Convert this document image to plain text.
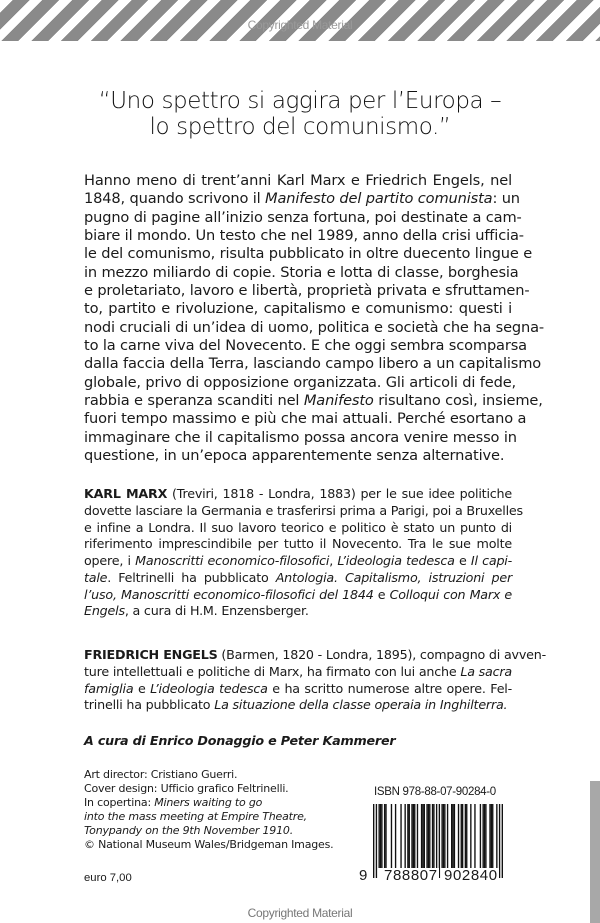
Copyrighted Material
“Uno spettro si aggira per l’Europa –
lo spettro del comunismo.”
Hanno meno di trent’anni Karl Marx e Friedrich Engels, nel
1848, quando scrivono il Manifesto del partito comunista: un
pugno di pagine all’inizio senza fortuna, poi destinate a cam-
biare il mondo. Un testo che nel 1989, anno della crisi ufficia-
le del comunismo, risulta pubblicato in oltre duecento lingue e
in mezzo miliardo di copie. Storia e lotta di classe, borghesia
e proletariato, lavoro e libertà, proprietà privata e sfruttamen-
to, partito e rivoluzione, capitalismo e comunismo: questi i
nodi cruciali di un’idea di uomo, politica e società che ha segna-
to la carne viva del Novecento. E che oggi sembra scomparsa
dalla faccia della Terra, lasciando campo libero a un capitalismo
globale, privo di opposizione organizzata. Gli articoli di fede,
rabbia e speranza scanditi nel Manifesto risultano così, insieme,
fuori tempo massimo e più che mai attuali. Perché esortano a
immaginare che il capitalismo possa ancora venire messo in
questione, in un’epoca apparentemente senza alternative.
KARL MARX (Treviri, 1818 - Londra, 1883) per le sue idee politiche
dovette lasciare la Germania e trasferirsi prima a Parigi, poi a Bruxelles
e infine a Londra. Il suo lavoro teorico e politico è stato un punto di
riferimento imprescindibile per tutto il Novecento. Tra le sue molte
opere, i Manoscritti economico-filosofici, L’ideologia tedesca e Il capi-
tale. Feltrinelli ha pubblicato Antologia. Capitalismo, istruzioni per
l’uso, Manoscritti economico-filosofici del 1844 e Colloqui con Marx e
Engels, a cura di H.M. Enzensberger.
FRIEDRICH ENGELS (Barmen, 1820 - Londra, 1895), compagno di avven-
ture intellettuali e politiche di Marx, ha firmato con lui anche La sacra
famiglia e L’ideologia tedesca e ha scritto numerose altre opere. Fel-
trinelli ha pubblicato La situazione della classe operaia in Inghilterra.
A cura di Enrico Donaggio e Peter Kammerer
Art director: Cristiano Guerri.
Cover design: Ufficio grafico Feltrinelli.
In copertina: Miners waiting to go
into the mass meeting at Empire Theatre,
Tonypandy on the 9th November 1910.
© National Museum Wales/Bridgeman Images.
euro 7,00
ISBN 978-88-07-90284-0
9 788807 902840
Copyrighted Material
